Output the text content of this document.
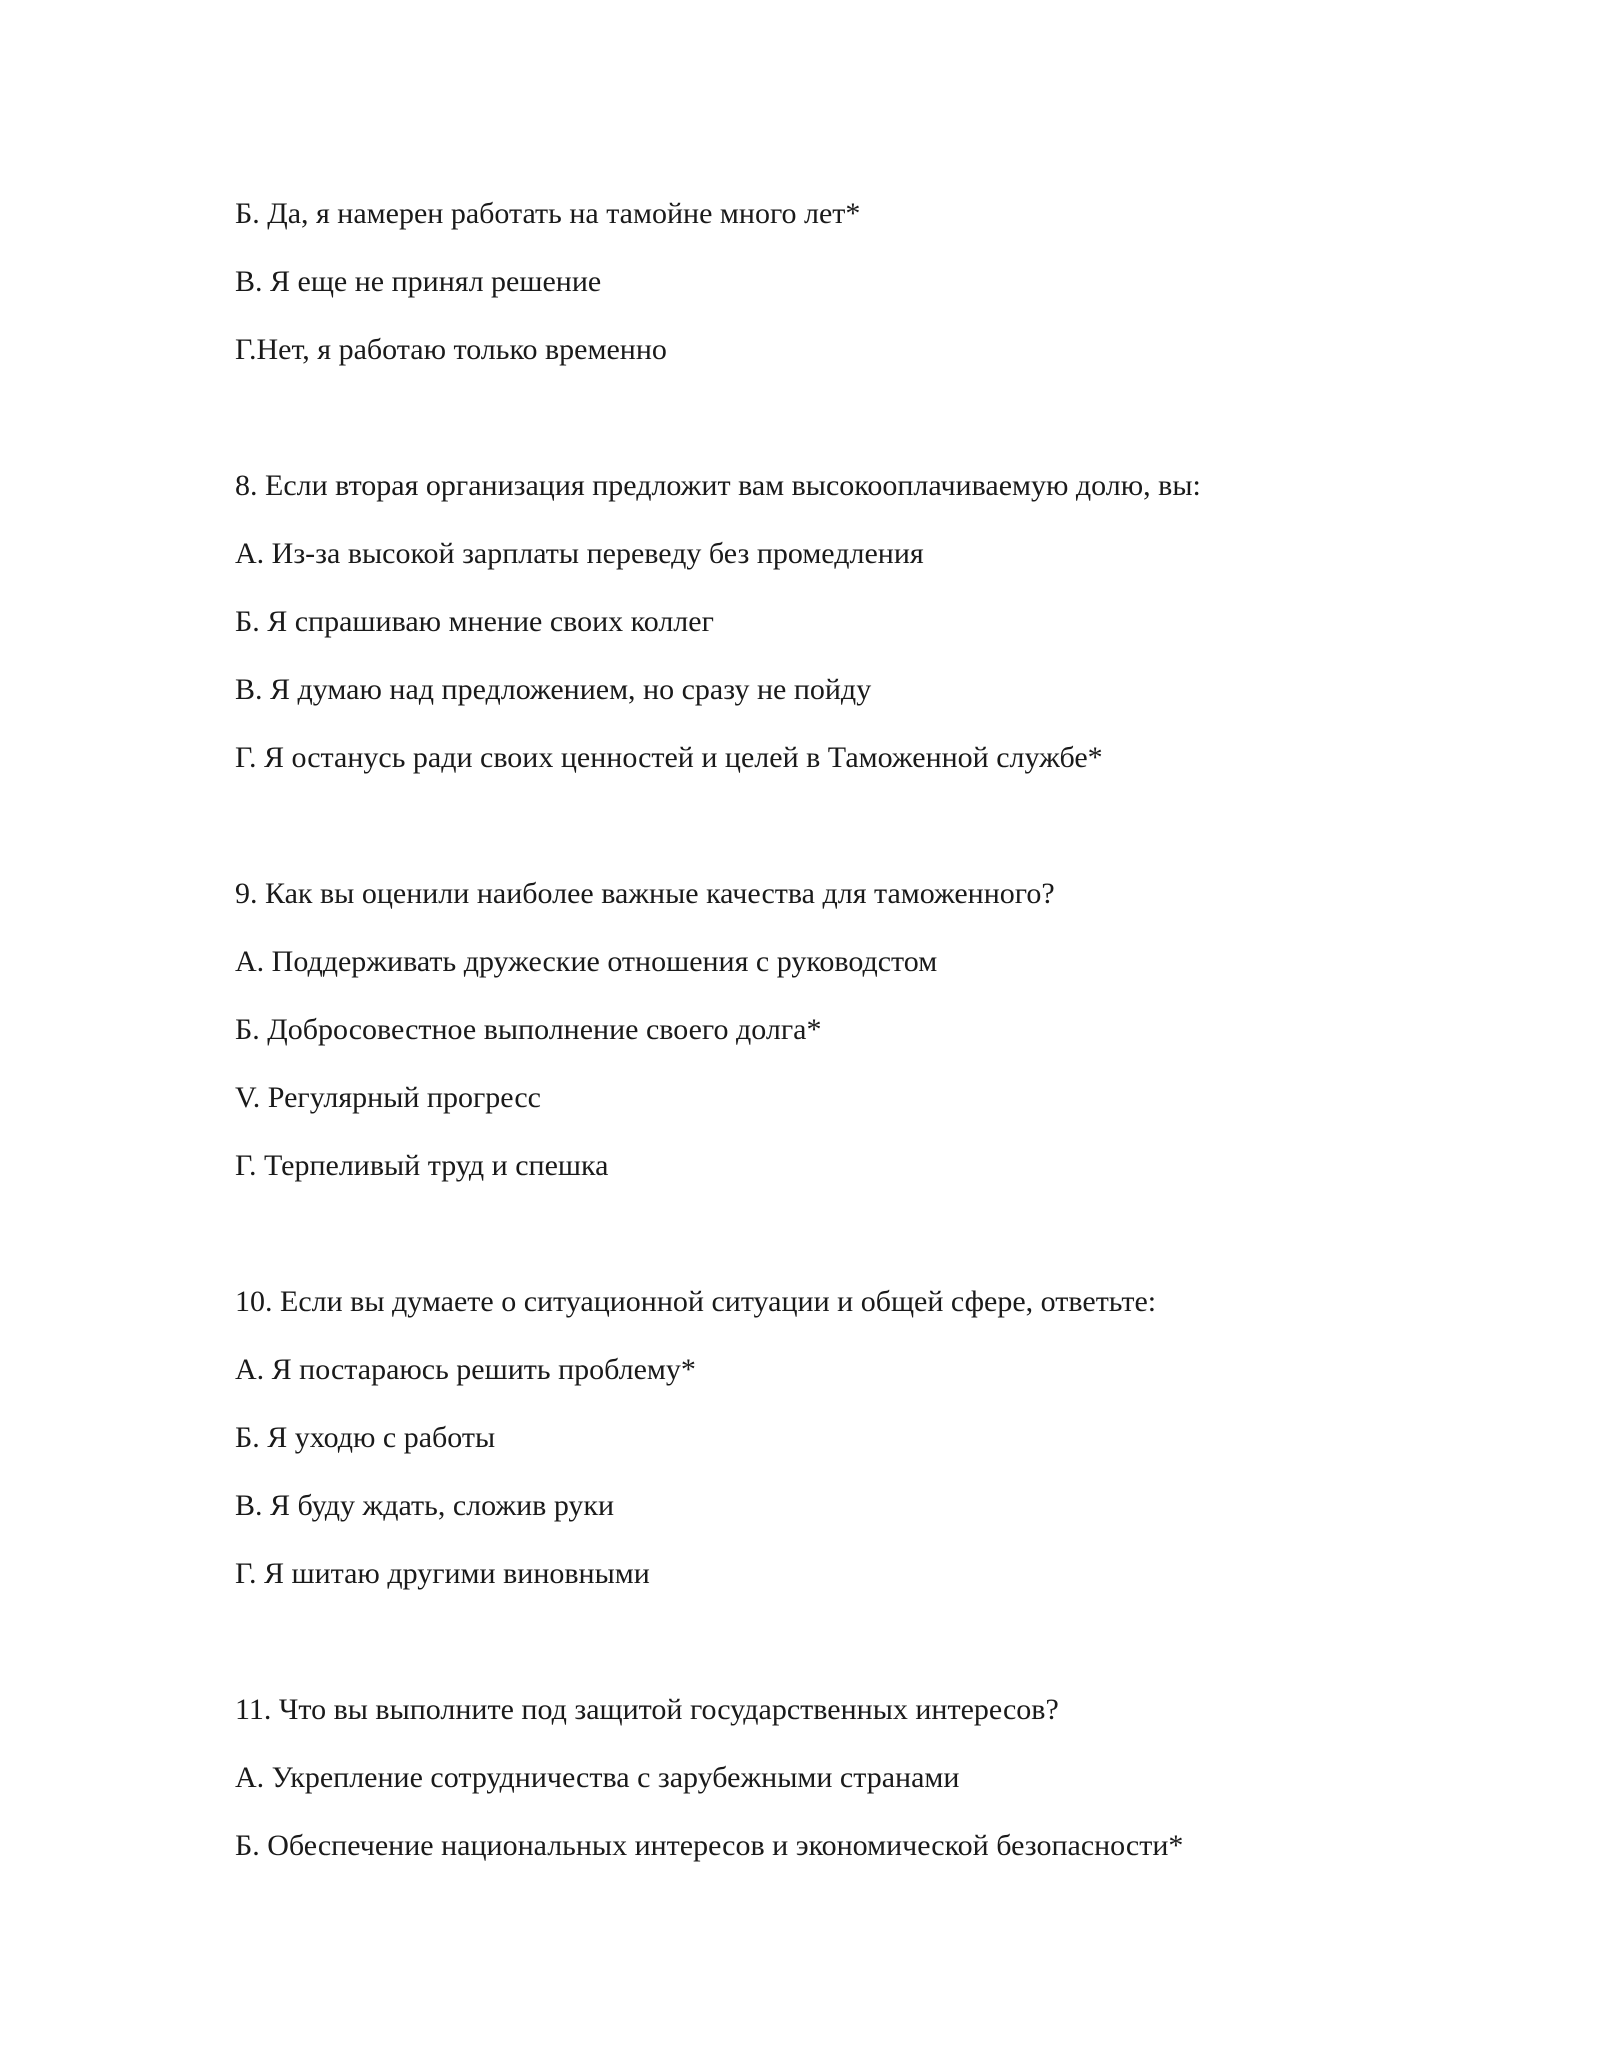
Б. Да, я намерен работать на тамойне много лет*
В. Я еще не принял решение
Г.Нет, я работаю только временно
8. Если вторая организация предложит вам высокооплачиваемую долю, вы:
А. Из-за высокой зарплаты переведу без промедления
Б. Я спрашиваю мнение своих коллег
В. Я думаю над предложением, но сразу не пойду
Г. Я останусь ради своих ценностей и целей в Таможенной службе*
9. Как вы оценили наиболее важные качества для таможенного?
А. Поддерживать дружеские отношения с руководстом
Б. Добросовестное выполнение своего долга*
V. Регулярный прогресс
Г. Терпеливый труд и спешка
10. Если вы думаете о ситуационной ситуации и общей сфере, ответьте:
А. Я постараюсь решить проблему*
Б. Я уходю с работы
В. Я буду ждать, сложив руки
Г. Я шитаю другими виновными
11. Что вы выполните под защитой государственных интересов?
А. Укрепление сотрудничества с зарубежными странами
Б. Обеспечение национальных интересов и экономической безопасности*
